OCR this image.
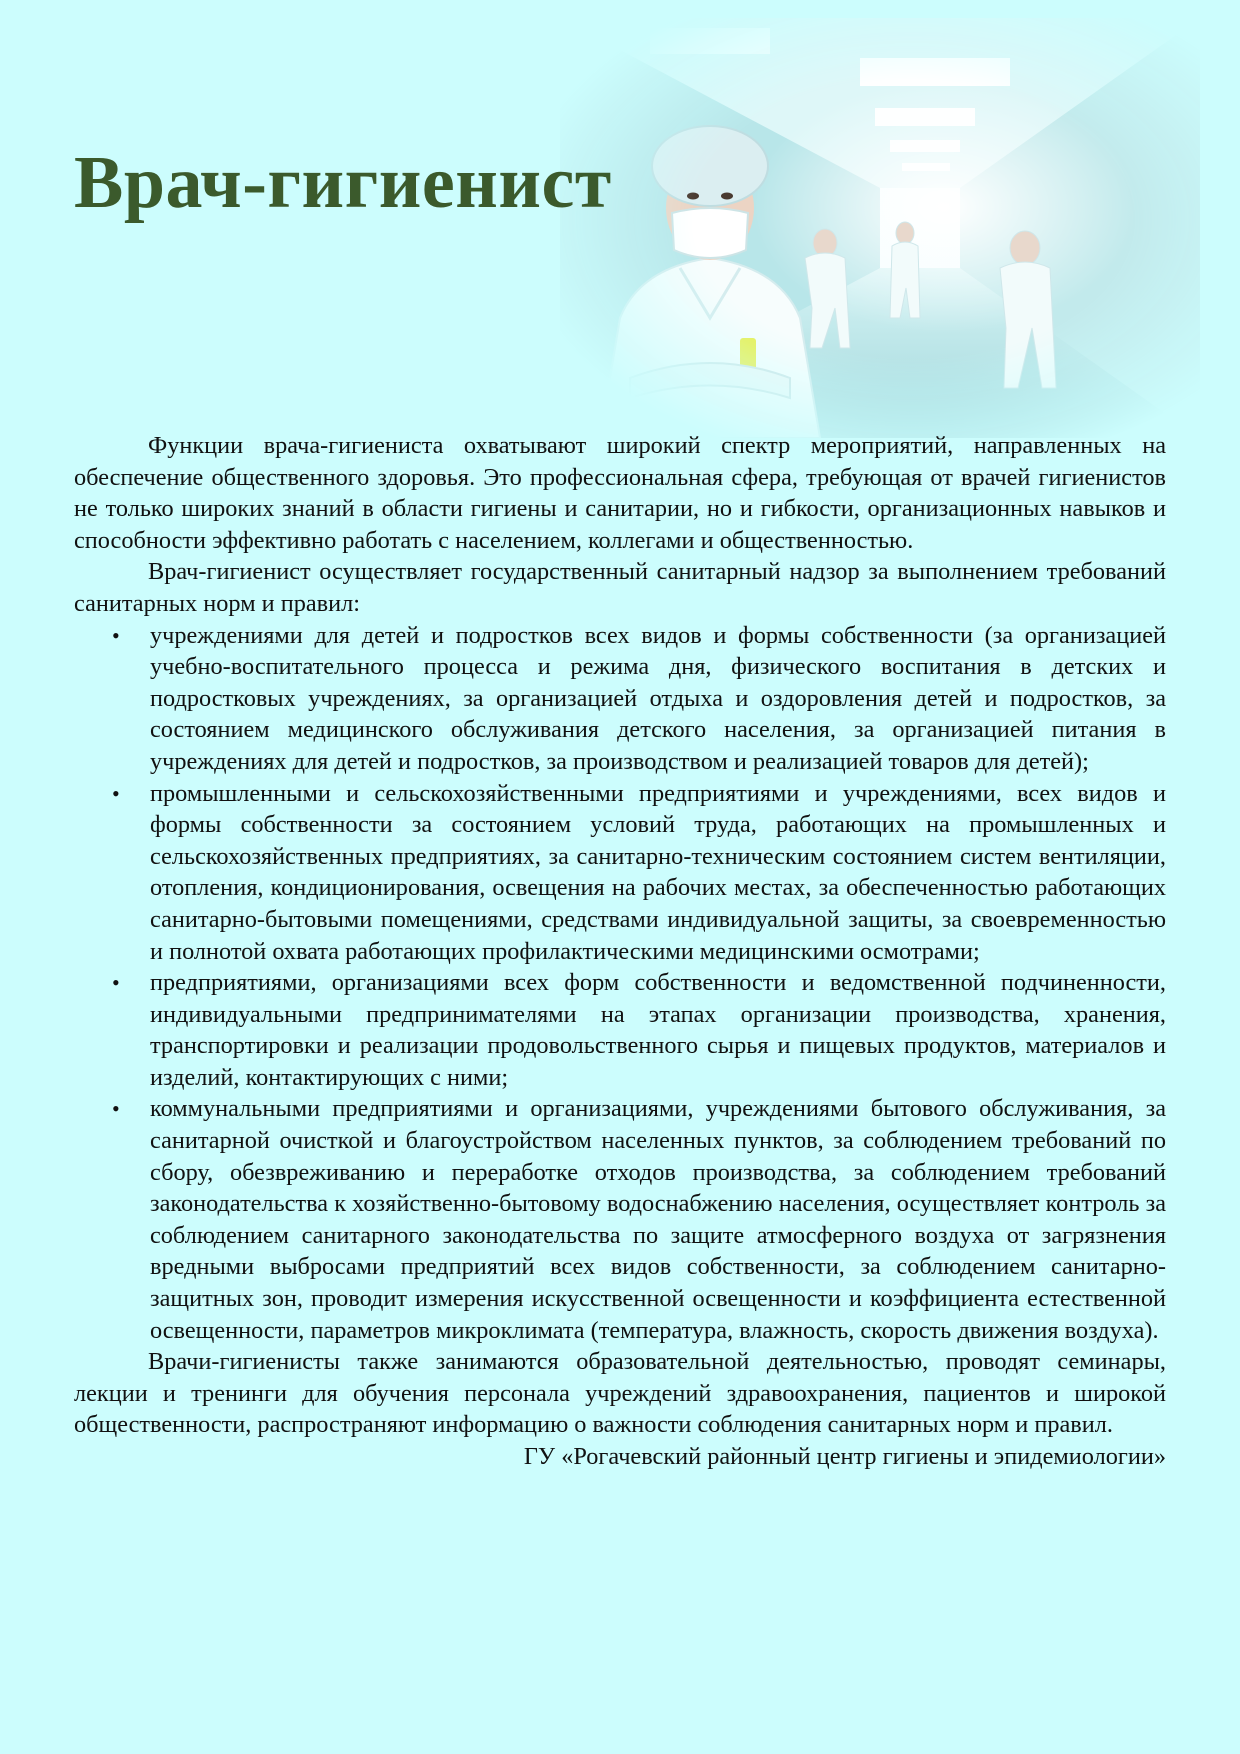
Врач-гигиенист

Функции врача-гигиениста охватывают широкий спектр мероприятий, направленных на обеспечение общественного здоровья. Это профессиональная сфера, требующая от врачей гигиенистов не только широких знаний в области гигиены и санитарии, но и гибкости, организационных навыков и способности эффективно работать с населением, коллегами и общественностью.

Врач-гигиенист осуществляет государственный санитарный надзор за выполнением требований санитарных норм и правил:

• учреждениями для детей и подростков всех видов и формы собственности (за организацией учебно-воспитательного процесса и режима дня, физического воспитания в детских и подростковых учреждениях, за организацией отдыха и оздоровления детей и подростков, за состоянием медицинского обслуживания детского населения, за организацией питания в учреждениях для детей и подростков, за производством и реализацией товаров для детей);
• промышленными и сельскохозяйственными предприятиями и учреждениями, всех видов и формы собственности за состоянием условий труда, работающих на промышленных и сельскохозяйственных предприятиях, за санитарно-техническим состоянием систем вентиляции, отопления, кондиционирования, освещения на рабочих местах, за обеспеченностью работающих санитарно-бытовыми помещениями, средствами индивидуальной защиты, за своевременностью и полнотой охвата работающих профилактическими медицинскими осмотрами;
• предприятиями, организациями всех форм собственности и ведомственной подчиненности, индивидуальными предпринимателями на этапах организации производства, хранения, транспортировки и реализации продовольственного сырья и пищевых продуктов, материалов и изделий, контактирующих с ними;
• коммунальными предприятиями и организациями, учреждениями бытового обслуживания, за санитарной очисткой и благоустройством населенных пунктов, за соблюдением требований по сбору, обезвреживанию и переработке отходов производства, за соблюдением требований законодательства к хозяйственно-бытовому водоснабжению населения, осуществляет контроль за соблюдением санитарного законодательства по защите атмосферного воздуха от загрязнения вредными выбросами предприятий всех видов собственности, за соблюдением санитарно-защитных зон, проводит измерения искусственной освещенности и коэффициента естественной освещенности, параметров микроклимата (температура, влажность, скорость движения воздуха).

Врачи-гигиенисты также занимаются образовательной деятельностью, проводят семинары, лекции и тренинги для обучения персонала учреждений здравоохранения, пациентов и широкой общественности, распространяют информацию о важности соблюдения санитарных норм и правил.

ГУ «Рогачевский районный центр гигиены и эпидемиологии»
